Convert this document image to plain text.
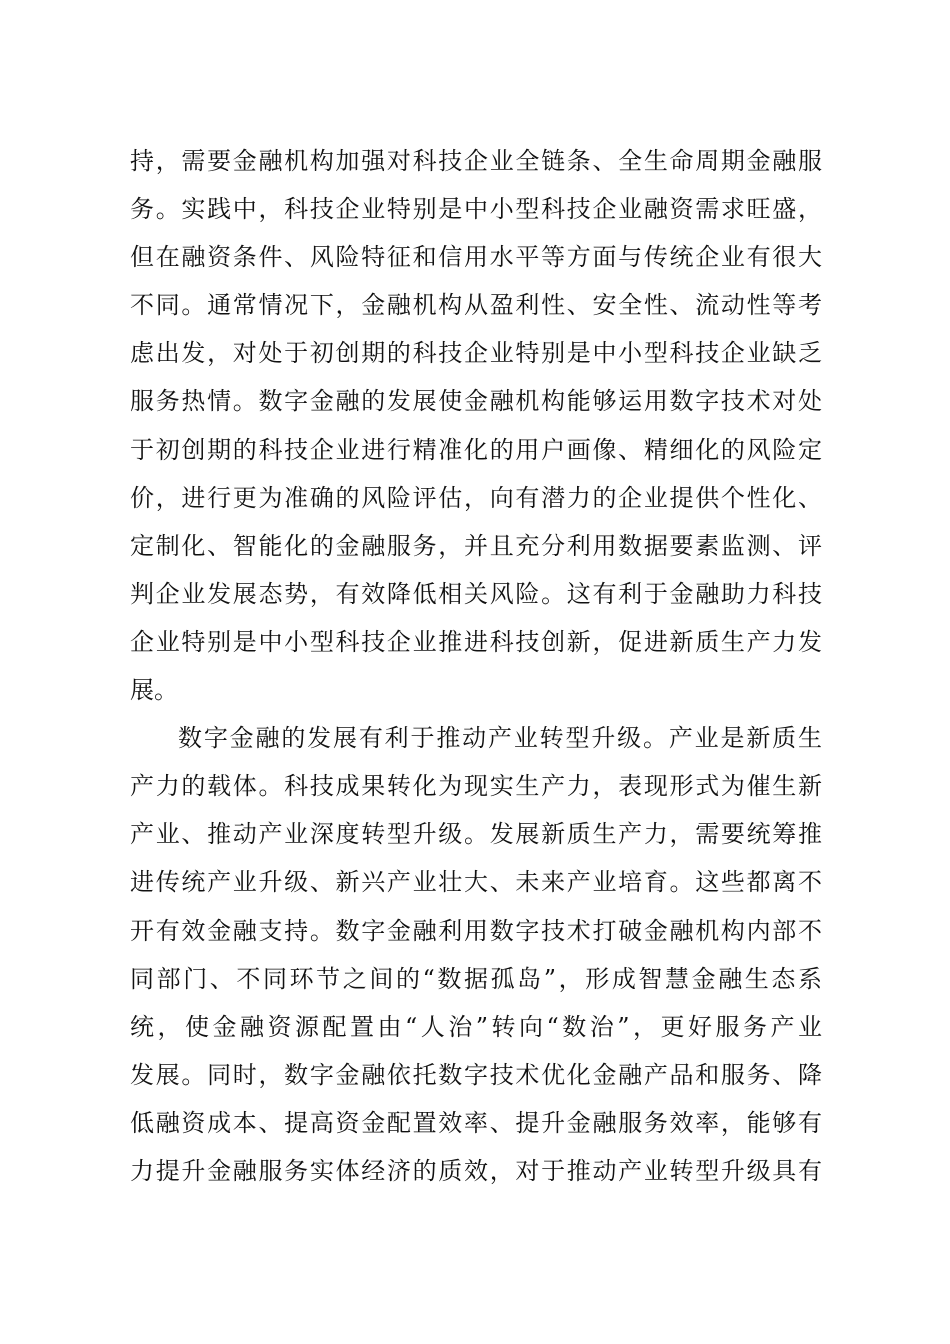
持，需要金融机构加强对科技企业全链条、全生命周期金融服
务。实践中，科技企业特别是中小型科技企业融资需求旺盛，
但在融资条件、风险特征和信用水平等方面与传统企业有很大
不同。通常情况下，金融机构从盈利性、安全性、流动性等考
虑出发，对处于初创期的科技企业特别是中小型科技企业缺乏
服务热情。数字金融的发展使金融机构能够运用数字技术对处
于初创期的科技企业进行精准化的用户画像、精细化的风险定
价，进行更为准确的风险评估，向有潜力的企业提供个性化、
定制化、智能化的金融服务，并且充分利用数据要素监测、评
判企业发展态势，有效降低相关风险。这有利于金融助力科技
企业特别是中小型科技企业推进科技创新，促进新质生产力发
展。
数字金融的发展有利于推动产业转型升级。产业是新质生
产力的载体。科技成果转化为现实生产力，表现形式为催生新
产业、推动产业深度转型升级。发展新质生产力，需要统筹推
进传统产业升级、新兴产业壮大、未来产业培育。这些都离不
开有效金融支持。数字金融利用数字技术打破金融机构内部不
同部门、不同环节之间的“数据孤岛”，形成智慧金融生态系
统，使金融资源配置由“人治”转向“数治”，更好服务产业
发展。同时，数字金融依托数字技术优化金融产品和服务、降
低融资成本、提高资金配置效率、提升金融服务效率，能够有
力提升金融服务实体经济的质效，对于推动产业转型升级具有
